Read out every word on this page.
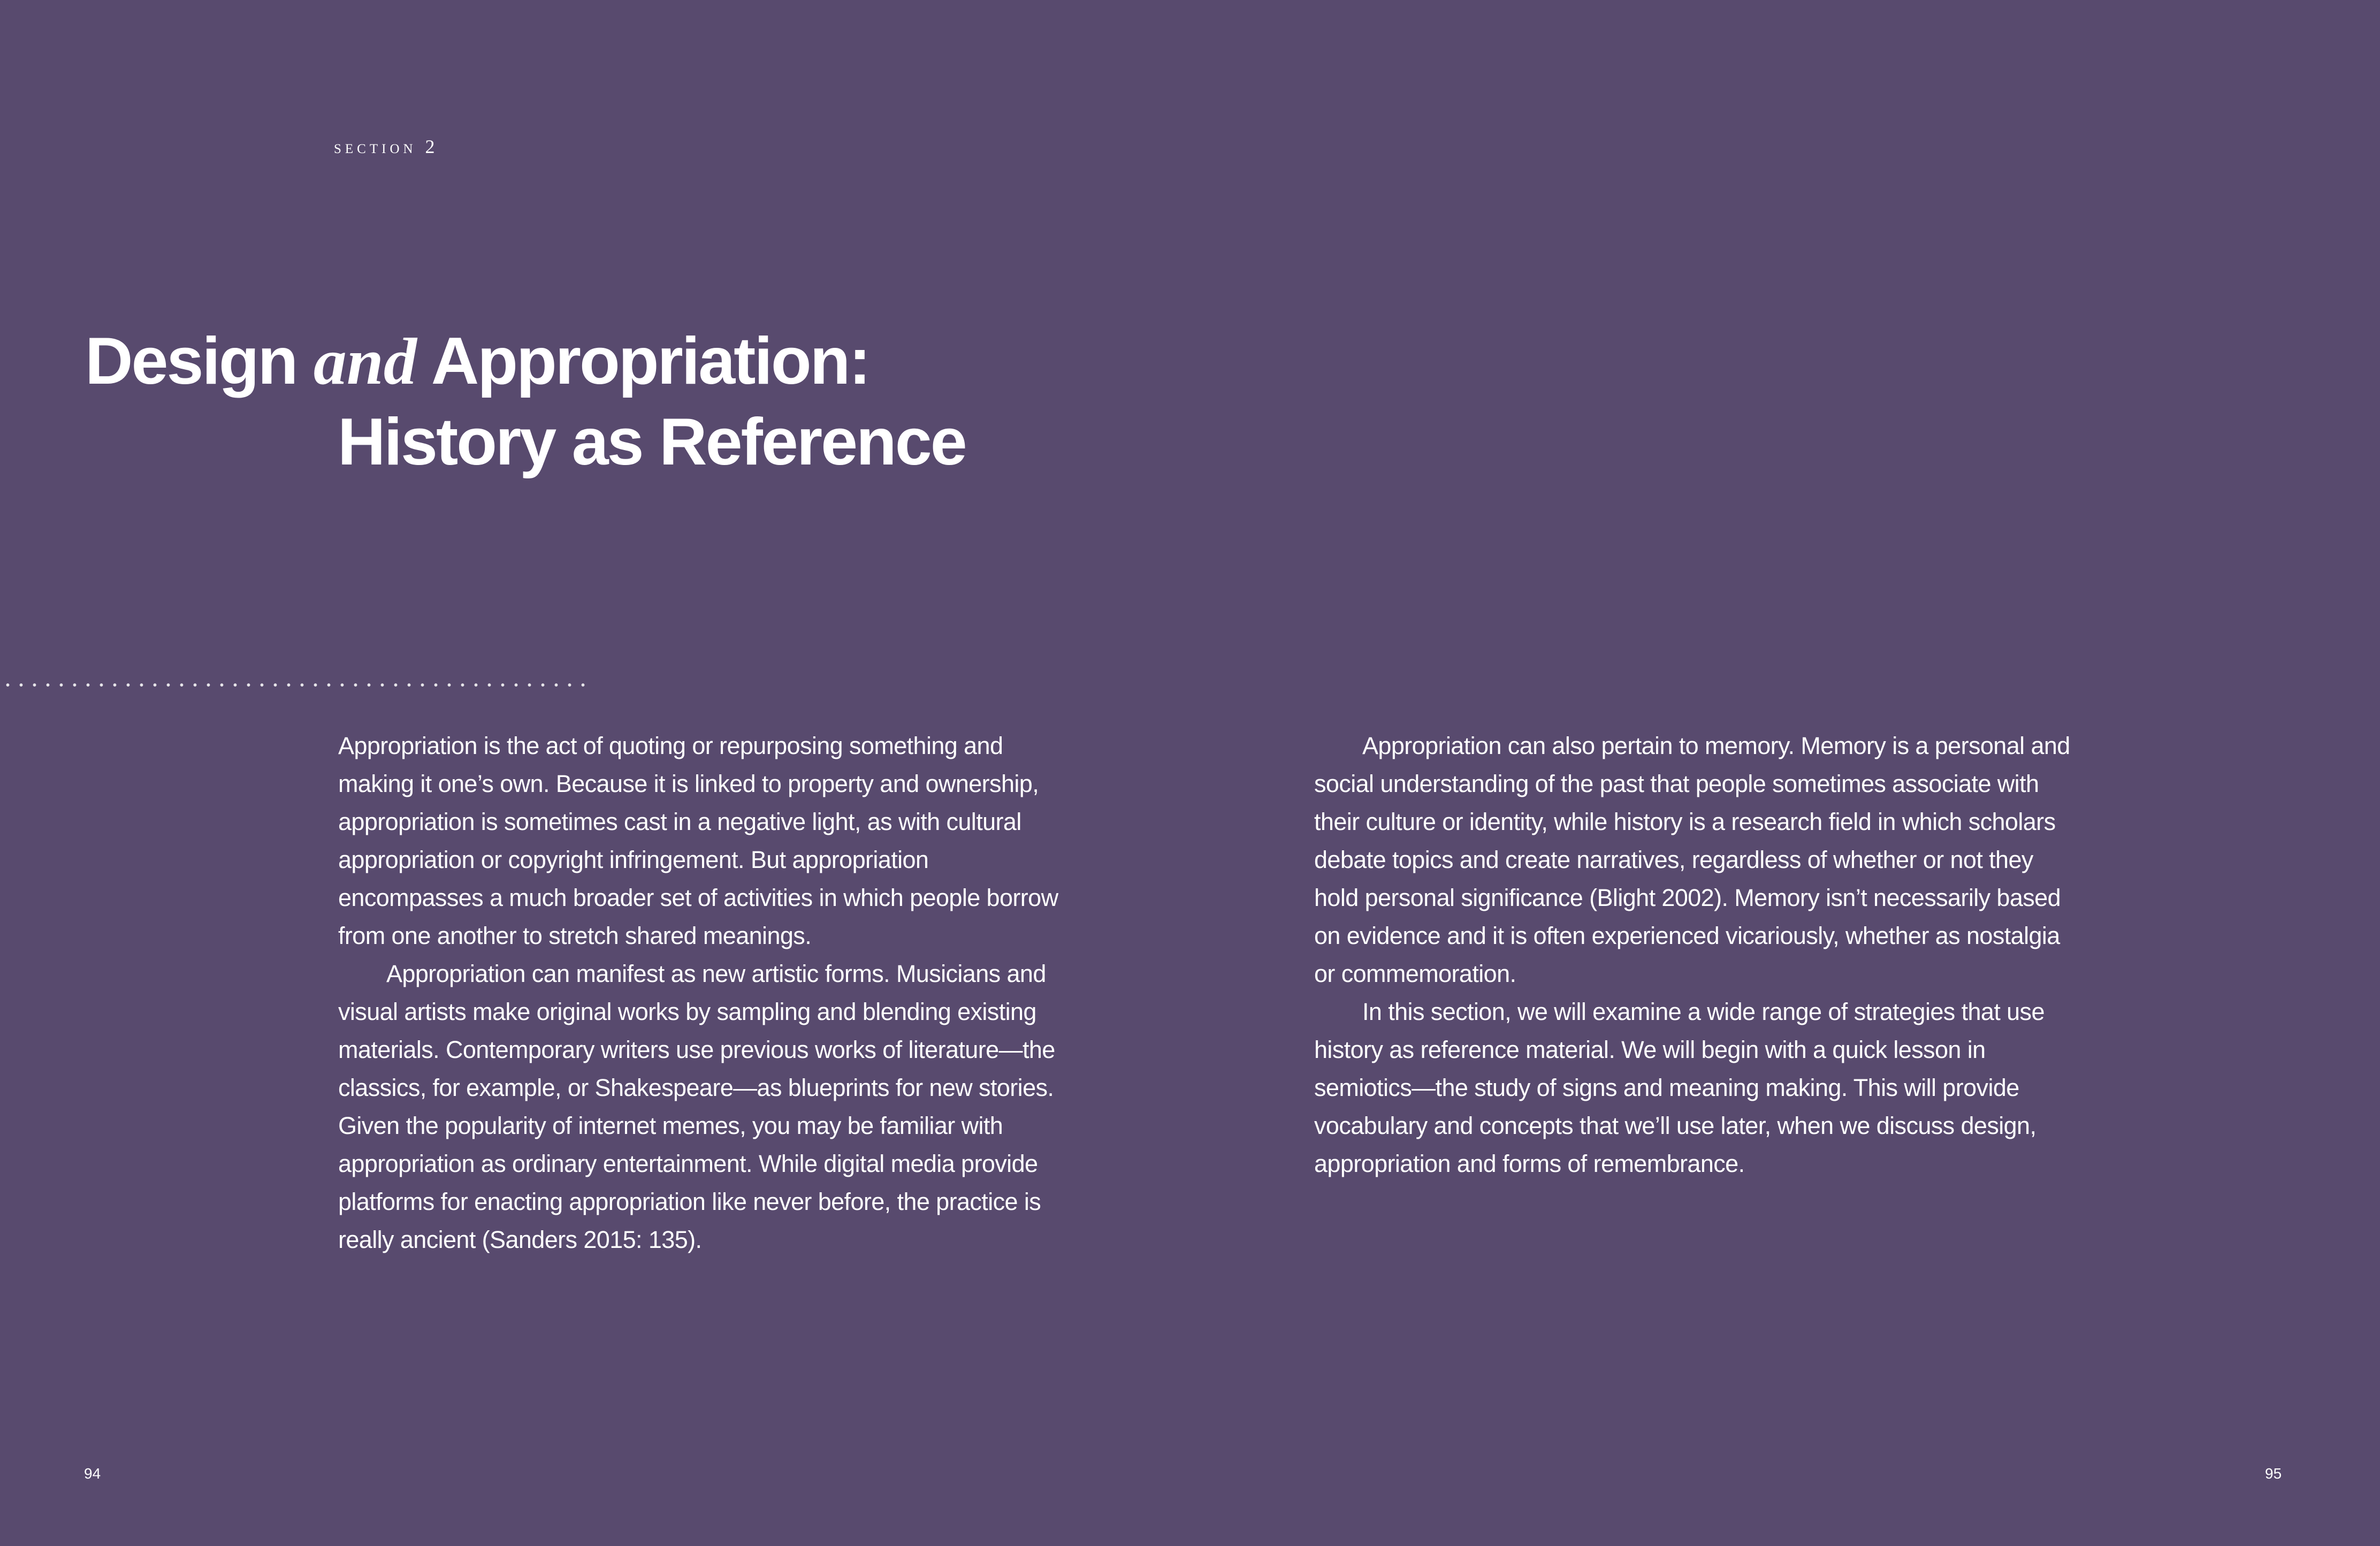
section 2
Design and Appropriation:
History as Reference

Appropriation is the act of quoting or repurposing something and making it one’s own. Because it is linked to property and ownership, appropriation is sometimes cast in a negative light, as with cultural appropriation or copyright infringement. But appropriation encompasses a much broader set of activities in which people borrow from one another to stretch shared meanings.

Appropriation can manifest as new artistic forms. Musicians and visual artists make original works by sampling and blending existing materials. Contemporary writers use previous works of literature—the classics, for example, or Shakespeare—as blueprints for new stories. Given the popularity of internet memes, you may be familiar with appropriation as ordinary entertainment. While digital media provide platforms for enacting appropriation like never before, the practice is really ancient (Sanders 2015: 135).

Appropriation can also pertain to memory. Memory is a personal and social understanding of the past that people sometimes associate with their culture or identity, while history is a research field in which scholars debate topics and create narratives, regardless of whether or not they hold personal significance (Blight 2002). Memory isn’t necessarily based on evidence and it is often experienced vicariously, whether as nostalgia or commemoration.

In this section, we will examine a wide range of strategies that use history as reference material. We will begin with a quick lesson in semiotics—the study of signs and meaning making. This will provide vocabulary and concepts that we’ll use later, when we discuss design, appropriation and forms of remembrance.

94	95
